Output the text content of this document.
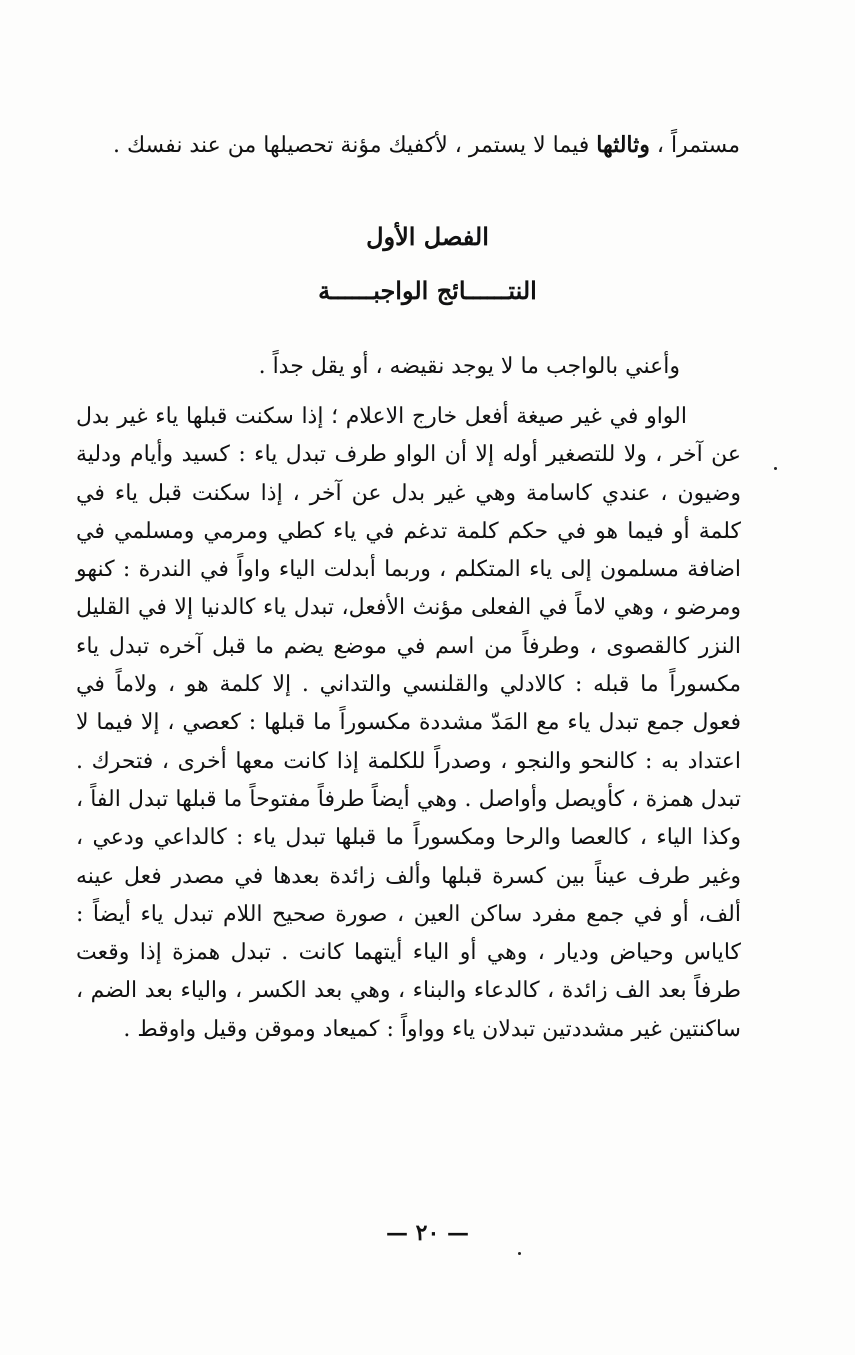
مستمراً ، وثالثها فيما لا يستمر ، لأكفيك مؤنة تحصيلها من عند نفسك .
الفصل الأول
النتــــــائج الواجبــــــة
وأعني بالواجب ما لا يوجد نقيضه ، أو يقل جداً .
الواو في غير صيغة أفعل خارج الاعلام ؛ إذا سكنت قبلها ياء غير بدل عن آخر ، ولا للتصغير أوله إلا أن الواو طرف تبدل ياء : كسيد وأيام ودلية وضيون ، عندي كاسامة وهي غير بدل عن آخر ، إذا سكنت قبل ياء في كلمة أو فيما هو في حكم كلمة تدغم في ياء كطي ومرمي ومسلمي في اضافة مسلمون إلى ياء المتكلم ، وربما أبدلت الياء واواً في الندرة : كنهو ومرضو ، وهي لاماً في الفعلى مؤنث الأفعل، تبدل ياء كالدنيا إلا في القليل النزر كالقصوى ، وطرفاً من اسم في موضع يضم ما قبل آخره تبدل ياء مكسوراً ما قبله : كالادلي والقلنسي والتداني . إلا كلمة هو ، ولاماً في فعول جمع تبدل ياء مع المَدّ مشددة مكسوراً ما قبلها : كعصي ، إلا فيما لا اعتداد به : كالنحو والنجو ، وصدراً للكلمة إذا كانت معها أخرى ، فتحرك . تبدل همزة ، كأويصل وأواصل . وهي أيضاً طرفاً مفتوحاً ما قبلها تبدل الفاً ، وكذا الياء ، كالعصا والرحا ومكسوراً ما قبلها تبدل ياء : كالداعي ودعي ، وغير طرف عيناً بين كسرة قبلها وألف زائدة بعدها في مصدر فعل عينه ألف، أو في جمع مفرد ساكن العين ، صورة صحيح اللام تبدل ياء أيضاً : كاياس وحياض وديار ، وهي أو الياء أيتهما كانت . تبدل همزة إذا وقعت طرفاً بعد الف زائدة ، كالدعاء والبناء ، وهي بعد الكسر ، والياء بعد الضم ، ساكنتين غير مشددتين تبدلان ياء وواواً : كميعاد وموقن وقيل واوقط .
— ٢٠ —
